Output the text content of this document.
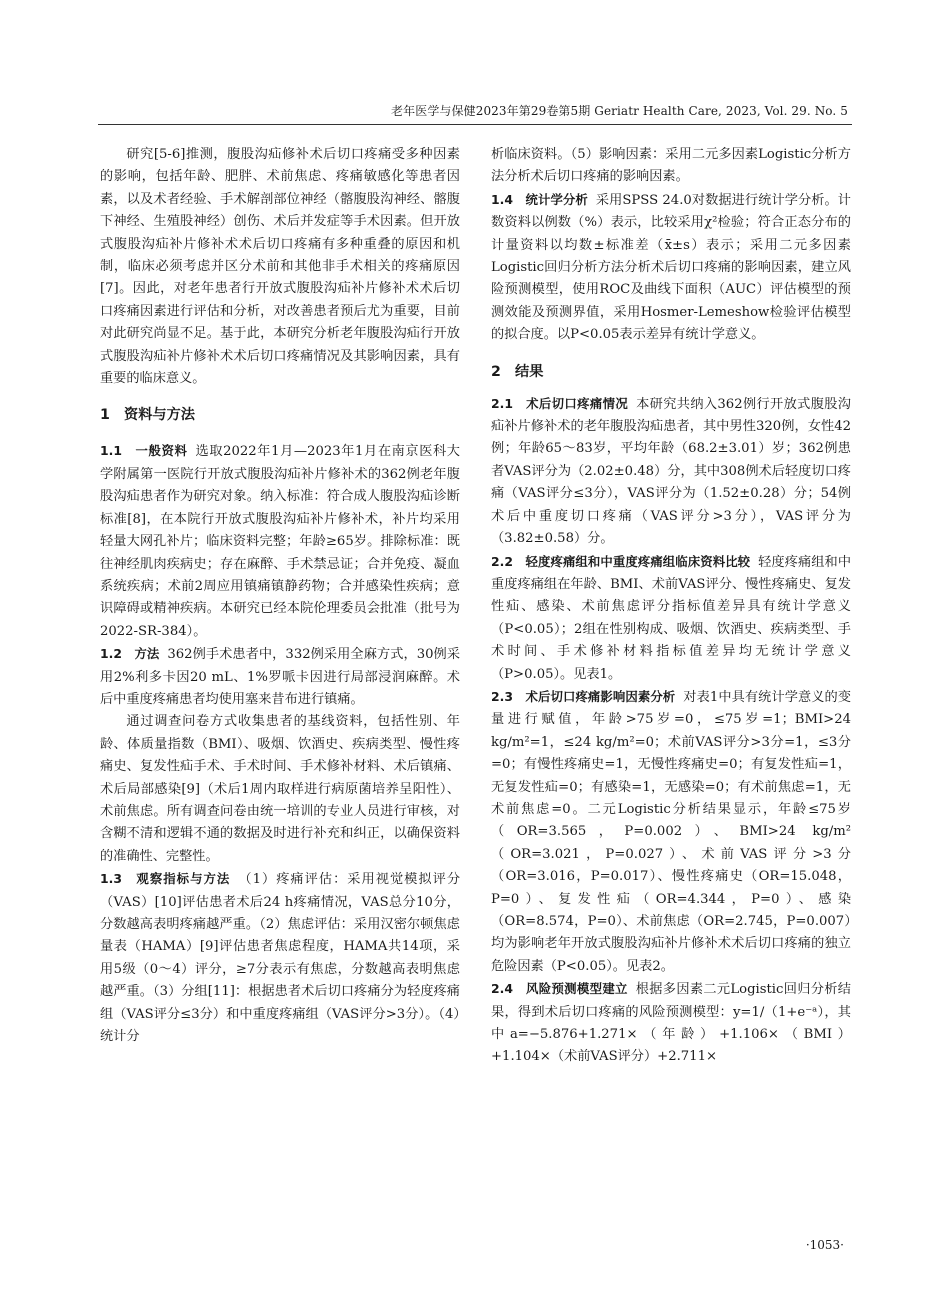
老年医学与保健2023年第29卷第5期 Geriatr Health Care, 2023, Vol. 29. No. 5

研究[5-6]推测，腹股沟疝修补术后切口疼痛受多种因素的影响，包括年龄、肥胖、术前焦虑、疼痛敏感化等患者因素，以及术者经验、手术解剖部位神经（髂腹股沟神经、髂腹下神经、生殖股神经）创伤、术后并发症等手术因素。但开放式腹股沟疝补片修补术术后切口疼痛有多种重叠的原因和机制，临床必须考虑并区分术前和其他非手术相关的疼痛原因[7]。因此，对老年患者行开放式腹股沟疝补片修补术术后切口疼痛因素进行评估和分析，对改善患者预后尤为重要，目前对此研究尚显不足。基于此，本研究分析老年腹股沟疝行开放式腹股沟疝补片修补术术后切口疼痛情况及其影响因素，具有重要的临床意义。

1　资料与方法

1.1　一般资料 选取2022年1月—2023年1月在南京医科大学附属第一医院行开放式腹股沟疝补片修补术的362例老年腹股沟疝患者作为研究对象。纳入标准：符合成人腹股沟疝诊断标准[8]，在本院行开放式腹股沟疝补片修补术，补片均采用轻量大网孔补片；临床资料完整；年龄≥65岁。排除标准：既往神经肌肉疾病史；存在麻醉、手术禁忌证；合并免疫、凝血系统疾病；术前2周应用镇痛镇静药物；合并感染性疾病；意识障碍或精神疾病。本研究已经本院伦理委员会批准（批号为2022-SR-384）。

1.2　方法 362例手术患者中，332例采用全麻方式，30例采用2%利多卡因20 mL、1%罗哌卡因进行局部浸润麻醉。术后中重度疼痛患者均使用塞来昔布进行镇痛。

通过调查问卷方式收集患者的基线资料，包括性别、年龄、体质量指数（BMI）、吸烟、饮酒史、疾病类型、慢性疼痛史、复发性疝手术、手术时间、手术修补材料、术后镇痛、术后局部感染[9]（术后1周内取样进行病原菌培养呈阳性）、术前焦虑。所有调查问卷由统一培训的专业人员进行审核，对含糊不清和逻辑不通的数据及时进行补充和纠正，以确保资料的准确性、完整性。

1.3　观察指标与方法 （1）疼痛评估：采用视觉模拟评分（VAS）[10]评估患者术后24 h疼痛情况，VAS总分10分，分数越高表明疼痛越严重。（2）焦虑评估：采用汉密尔顿焦虑量表（HAMA）[9]评估患者焦虑程度，HAMA共14项，采用5级（0～4）评分，≥7分表示有焦虑，分数越高表明焦虑越严重。（3）分组[11]：根据患者术后切口疼痛分为轻度疼痛组（VAS评分≤3分）和中重度疼痛组（VAS评分>3分）。（4）统计分

析临床资料。（5）影响因素：采用二元多因素Logistic分析方法分析术后切口疼痛的影响因素。

1.4　统计学分析 采用SPSS 24.0对数据进行统计学分析。计数资料以例数（%）表示，比较采用χ²检验；符合正态分布的计量资料以均数±标准差（x̄±s）表示；采用二元多因素Logistic回归分析方法分析术后切口疼痛的影响因素，建立风险预测模型，使用ROC及曲线下面积（AUC）评估模型的预测效能及预测界值，采用Hosmer-Lemeshow检验评估模型的拟合度。以P<0.05表示差异有统计学意义。

2　结果

2.1　术后切口疼痛情况 本研究共纳入362例行开放式腹股沟疝补片修补术的老年腹股沟疝患者，其中男性320例，女性42例；年龄65～83岁，平均年龄（68.2±3.01）岁；362例患者VAS评分为（2.02±0.48）分，其中308例术后轻度切口疼痛（VAS评分≤3分），VAS评分为（1.52±0.28）分；54例术后中重度切口疼痛（VAS评分>3分），VAS评分为（3.82±0.58）分。

2.2　轻度疼痛组和中重度疼痛组临床资料比较 轻度疼痛组和中重度疼痛组在年龄、BMI、术前VAS评分、慢性疼痛史、复发性疝、感染、术前焦虑评分指标值差异具有统计学意义（P<0.05）；2组在性别构成、吸烟、饮酒史、疾病类型、手术时间、手术修补材料指标值差异均无统计学意义（P>0.05）。见表1。

2.3　术后切口疼痛影响因素分析 对表1中具有统计学意义的变量进行赋值，年龄>75岁=0，≤75岁=1；BMI>24 kg/m²=1，≤24 kg/m²=0；术前VAS评分>3分=1，≤3分=0；有慢性疼痛史=1，无慢性疼痛史=0；有复发性疝=1，无复发性疝=0；有感染=1，无感染=0；有术前焦虑=1，无术前焦虑=0。二元Logistic分析结果显示，年龄≤75岁（OR=3.565，P=0.002）、BMI>24 kg/m²（OR=3.021，P=0.027）、术前VAS评分>3分（OR=3.016，P=0.017）、慢性疼痛史（OR=15.048，P=0）、复发性疝（OR=4.344，P=0）、感染（OR=8.574，P=0）、术前焦虑（OR=2.745，P=0.007）均为影响老年开放式腹股沟疝补片修补术术后切口疼痛的独立危险因素（P<0.05）。见表2。

2.4　风险预测模型建立 根据多因素二元Logistic回归分析结果，得到术后切口疼痛的风险预测模型：y=1/（1+e⁻ᵃ），其中a=−5.876+1.271×（年龄）+1.106×（BMI）+1.104×（术前VAS评分）+2.711×

·1053·
